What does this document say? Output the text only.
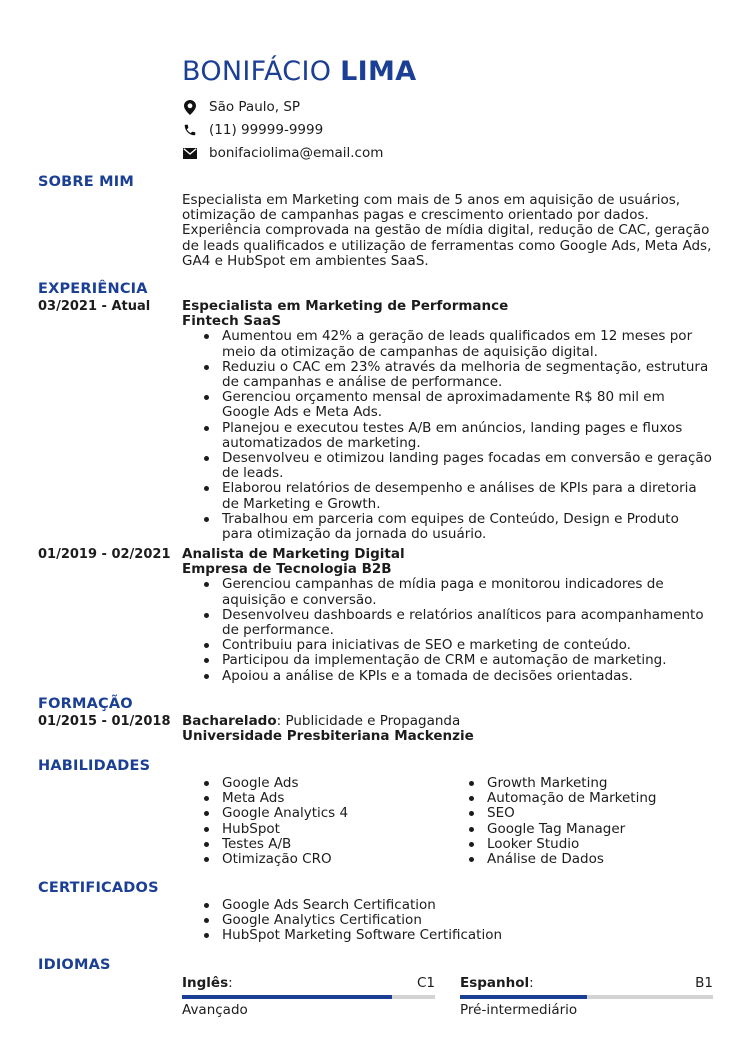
BONIFÁCIO LIMA
São Paulo, SP
(11) 99999-9999
bonifaciolima@email.com
SOBRE MIM
Especialista em Marketing com mais de 5 anos em aquisição de usuários, otimização de campanhas pagas e crescimento orientado por dados. Experiência comprovada na gestão de mídia digital, redução de CAC, geração de leads qualificados e utilização de ferramentas como Google Ads, Meta Ads, GA4 e HubSpot em ambientes SaaS.
EXPERIÊNCIA
03/2021 - Atual Especialista em Marketing de Performance
Fintech SaaS
Aumentou em 42% a geração de leads qualificados em 12 meses por meio da otimização de campanhas de aquisição digital.
Reduziu o CAC em 23% através da melhoria de segmentação, estrutura de campanhas e análise de performance.
Gerenciou orçamento mensal de aproximadamente R$ 80 mil em Google Ads e Meta Ads.
Planejou e executou testes A/B em anúncios, landing pages e fluxos automatizados de marketing.
Desenvolveu e otimizou landing pages focadas em conversão e geração de leads.
Elaborou relatórios de desempenho e análises de KPIs para a diretoria de Marketing e Growth.
Trabalhou em parceria com equipes de Conteúdo, Design e Produto para otimização da jornada do usuário.
01/2019 - 02/2021 Analista de Marketing Digital
Empresa de Tecnologia B2B
Gerenciou campanhas de mídia paga e monitorou indicadores de aquisição e conversão.
Desenvolveu dashboards e relatórios analíticos para acompanhamento de performance.
Contribuiu para iniciativas de SEO e marketing de conteúdo.
Participou da implementação de CRM e automação de marketing.
Apoiou a análise de KPIs e a tomada de decisões orientadas.
FORMAÇÃO
01/2015 - 01/2018 Bacharelado: Publicidade e Propaganda
Universidade Presbiteriana Mackenzie
HABILIDADES
Google Ads
Meta Ads
Google Analytics 4
HubSpot
Testes A/B
Otimização CRO
Growth Marketing
Automação de Marketing
SEO
Google Tag Manager
Looker Studio
Análise de Dados
CERTIFICADOS
Google Ads Search Certification
Google Analytics Certification
HubSpot Marketing Software Certification
IDIOMAS
Inglês:	C1
Avançado
Espanhol:	B1
Pré-intermediário
